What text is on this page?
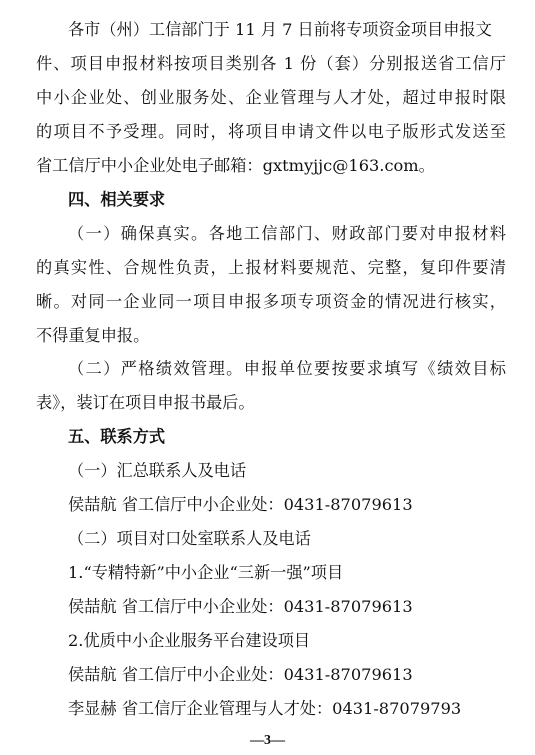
各市（州）工信部门于 11 月 7 日前将专项资金项目申报文
件、项目申报材料按项目类别各 1 份（套）分别报送省工信厅
中小企业处、创业服务处、企业管理与人才处，超过申报时限
的项目不予受理。同时，将项目申请文件以电子版形式发送至
省工信厅中小企业处电子邮箱：gxtmyjjc@163.com。
四、相关要求
（一）确保真实。各地工信部门、财政部门要对申报材料
的真实性、合规性负责，上报材料要规范、完整，复印件要清
晰。对同一企业同一项目申报多项专项资金的情况进行核实，
不得重复申报。
（二）严格绩效管理。申报单位要按要求填写《绩效目标
表》，装订在项目申报书最后。
五、联系方式
（一）汇总联系人及电话
侯喆航 省工信厅中小企业处：0431-87079613
（二）项目对口处室联系人及电话
1.“专精特新”中小企业“三新一强”项目
侯喆航 省工信厅中小企业处：0431-87079613
2.优质中小企业服务平台建设项目
侯喆航 省工信厅中小企业处：0431-87079613
李显赫 省工信厅企业管理与人才处：0431-87079793
—3—
